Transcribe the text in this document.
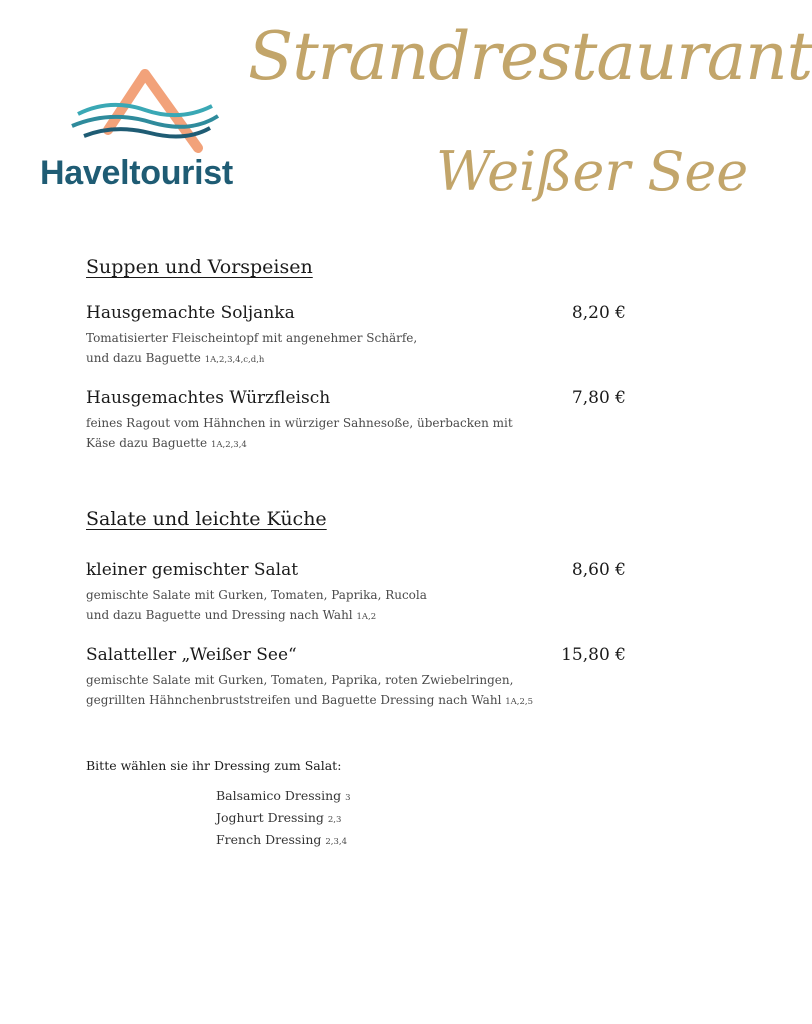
Haveltourist
Strandrestaurant
Weißer See
Suppen und Vorspeisen
Hausgemachte Soljanka	8,20 €
Tomatisierter Fleischeintopf mit angenehmer Schärfe,
und dazu Baguette 1A,2,3,4,c,d,h
Hausgemachtes Würzfleisch	7,80 €
feines Ragout vom Hähnchen in würziger Sahnesoße, überbacken mit
Käse dazu Baguette 1A,2,3,4
Salate und leichte Küche
kleiner gemischter Salat	8,60 €
gemischte Salate mit Gurken, Tomaten, Paprika, Rucola
und dazu Baguette und Dressing nach Wahl 1A,2
Salatteller „Weißer See“	15,80 €
gemischte Salate mit Gurken, Tomaten, Paprika, roten Zwiebelringen,
gegrillten Hähnchenbruststreifen und Baguette Dressing nach Wahl 1A,2,5
Bitte wählen sie ihr Dressing zum Salat:
Balsamico Dressing 3
Joghurt Dressing 2,3
French Dressing 2,3,4
